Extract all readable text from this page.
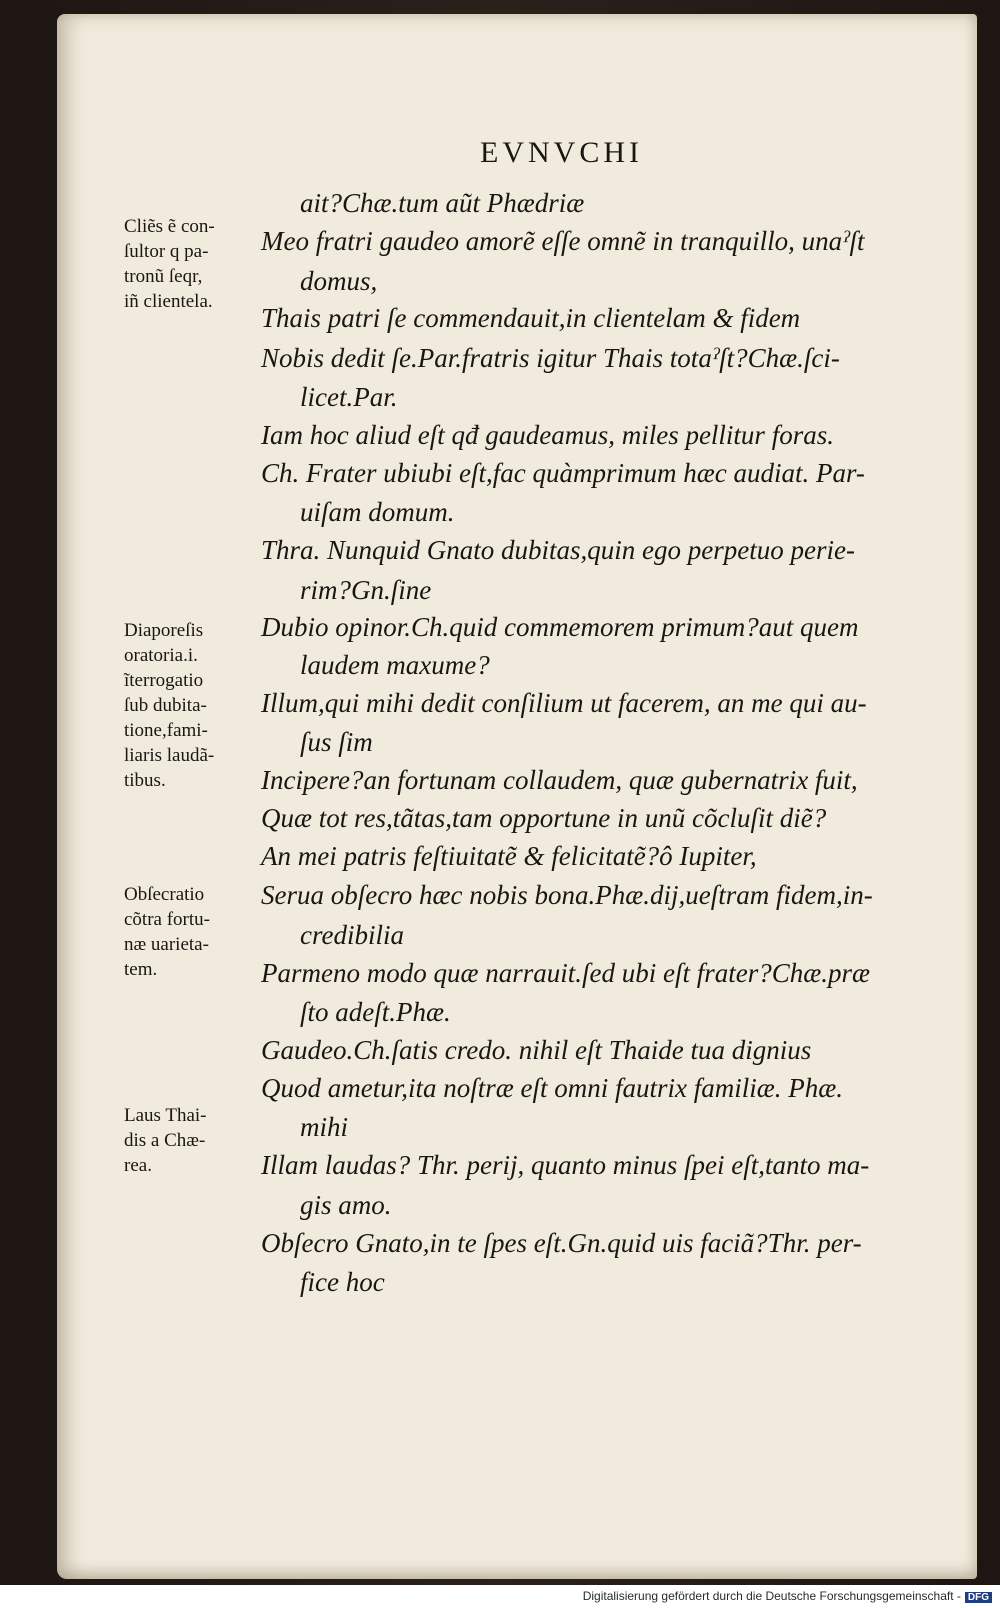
EVNVCHI
ait?Chæ.tum aũt Phædriæ
Meo fratri gaudeo amorẽ eſſe omnẽ in tranquillo, unaˀſt
domus,
Thais patri ſe commendauit,in clientelam & fidem
Nobis dedit ſe.Par.fratris igitur Thais totaˀſt?Chæ.ſci-
licet.Par.
Iam hoc aliud eſt qđ gaudeamus, miles pellitur foras.
Ch. Frater ubiubi eſt,fac quàmprimum hæc audiat. Par-
uiſam domum.
Thra. Nunquid Gnato dubitas,quin ego perpetuo perie-
rim?Gn.ſine
Dubio opinor.Ch.quid commemorem primum?aut quem
laudem maxume?
Illum,qui mihi dedit conſilium ut facerem, an me qui au-
ſus ſim
Incipere?an fortunam collaudem, quæ gubernatrix fuit,
Quæ tot res,tãtas,tam opportune in unũ cõcluſit diẽ?
An mei patris feſtiuitatẽ & felicitatẽ?ô Iupiter,
Serua obſecro hæc nobis bona.Phæ.dij,ueſtram fidem,in-
credibilia
Parmeno modo quæ narrauit.ſed ubi eſt frater?Chæ.præ
ſto adeſt.Phæ.
Gaudeo.Ch.ſatis credo. nihil eſt Thaide tua dignius
Quod ametur,ita noſtræ eſt omni fautrix familiæ. Phæ.
mihi
Illam laudas? Thr. perij, quanto minus ſpei eſt,tanto ma-
gis amo.
Obſecro Gnato,in te ſpes eſt.Gn.quid uis faciã?Thr. per-
fice hoc
Cliẽs ẽ con-
ſultor q pa-
tronũ ſeqr,
iñ clientela.
Diaporeſis
oratoria.i.
ĩterrogatio
ſub dubita-
tione,fami-
liaris laudã-
tibus.
Obſecratio
cõtra fortu-
næ uarieta-
tem.
Laus Thai-
dis a Chæ-
rea.
Digitalisierung gefördert durch die Deutsche Forschungsgemeinschaft - DFG
